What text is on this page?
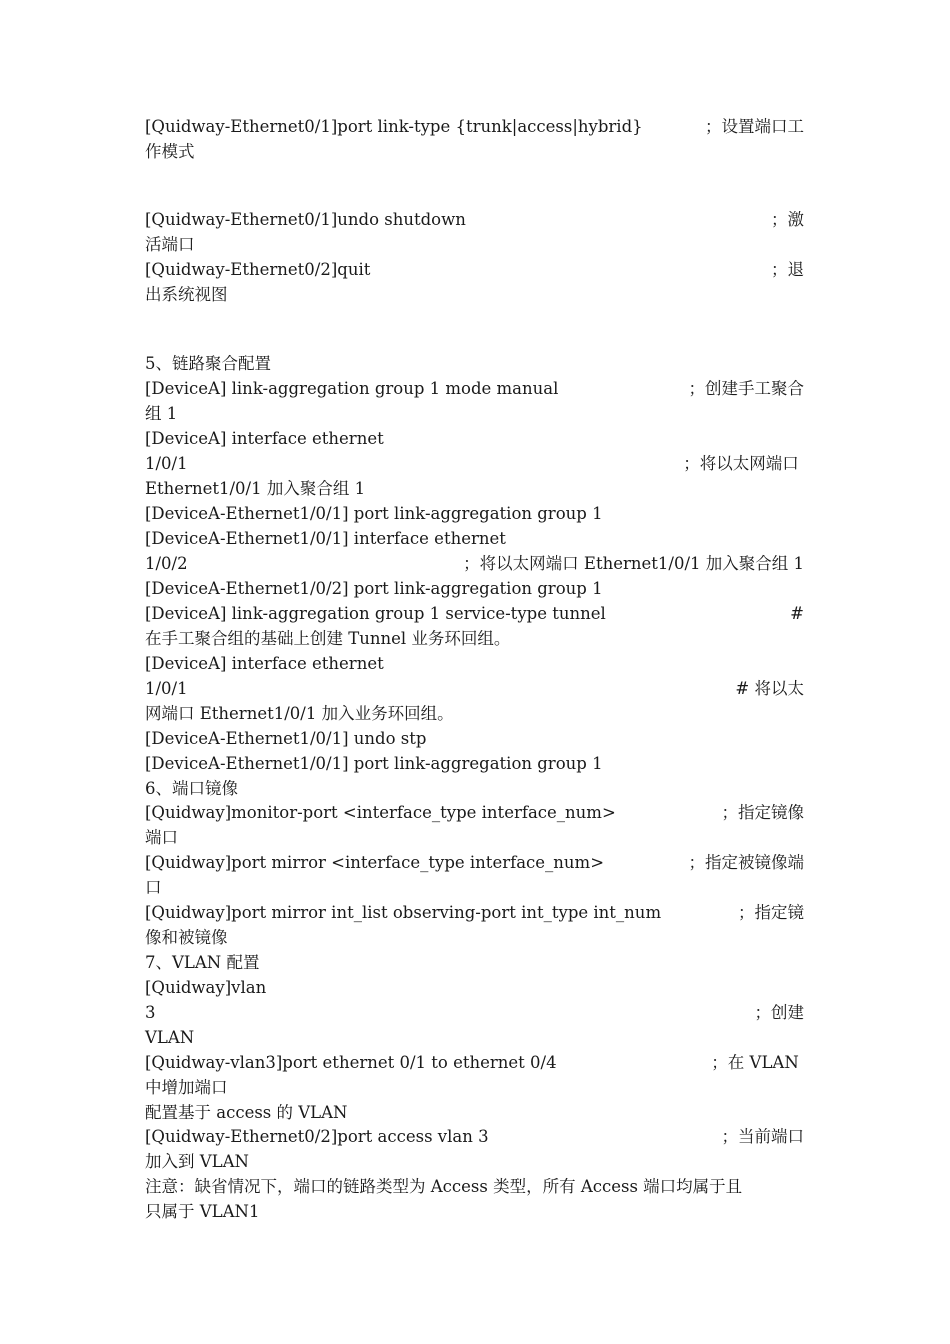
[Quidway-Ethernet0/1]port link-type {trunk|access|hybrid}	；设置端口工
作模式
[Quidway-Ethernet0/1]undo shutdown	；激
活端口
[Quidway-Ethernet0/2]quit	；退
出系统视图
5、链路聚合配置
[DeviceA] link-aggregation group 1 mode manual	；创建手工聚合
组 1
[DeviceA] interface ethernet
1/0/1	；将以太网端口
Ethernet1/0/1 加入聚合组 1
[DeviceA-Ethernet1/0/1] port link-aggregation group 1
[DeviceA-Ethernet1/0/1] interface ethernet
1/0/2	；将以太网端口 Ethernet1/0/1 加入聚合组 1
[DeviceA-Ethernet1/0/2] port link-aggregation group 1
[DeviceA] link-aggregation group 1 service-type tunnel	#
在手工聚合组的基础上创建 Tunnel 业务环回组。
[DeviceA] interface ethernet
1/0/1	# 将以太
网端口 Ethernet1/0/1 加入业务环回组。
[DeviceA-Ethernet1/0/1] undo stp
[DeviceA-Ethernet1/0/1] port link-aggregation group 1
6、端口镜像
[Quidway]monitor-port <interface_type interface_num>	；指定镜像
端口
[Quidway]port mirror <interface_type interface_num>	；指定被镜像端
口
[Quidway]port mirror int_list observing-port int_type int_num	；指定镜
像和被镜像
7、VLAN 配置
[Quidway]vlan
3	；创建
VLAN
[Quidway-vlan3]port ethernet 0/1 to ethernet 0/4	；在 VLAN
中增加端口
配置基于 access 的 VLAN
[Quidway-Ethernet0/2]port access vlan 3	；当前端口
加入到 VLAN
注意：缺省情况下，端口的链路类型为 Access 类型，所有 Access 端口均属于且
只属于 VLAN1
